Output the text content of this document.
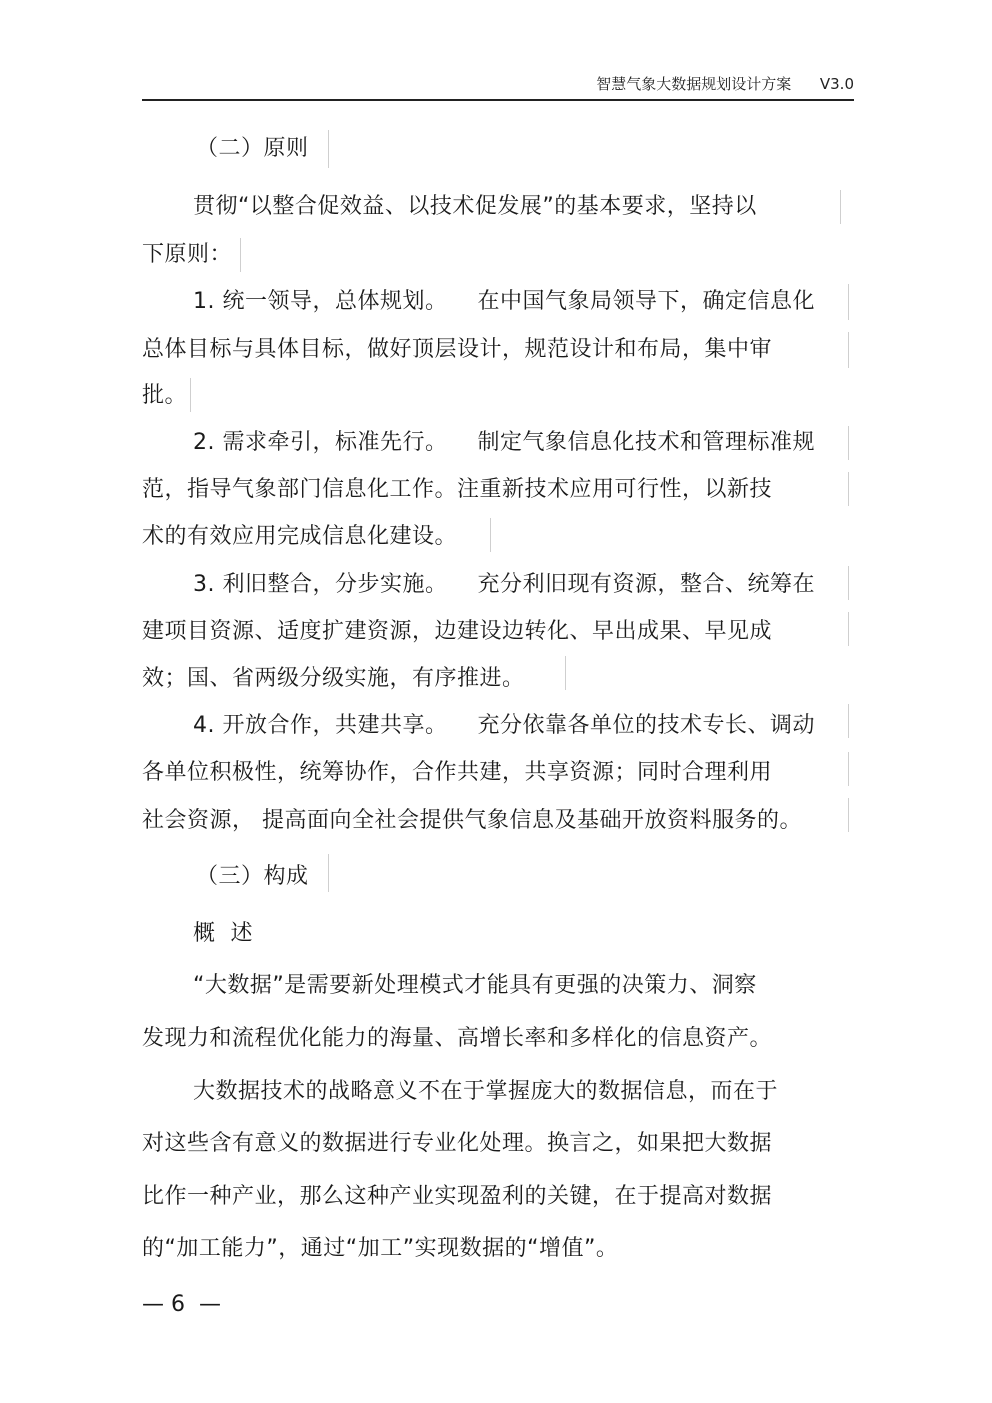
智慧气象大数据规划设计方案      V3.0
（二）原则
贯彻“以整合促效益、以技术促发展”的基本要求，坚持以
下原则：
1. 统一领导，总体规划。    在中国气象局领导下，确定信息化
总体目标与具体目标，做好顶层设计，规范设计和布局，集中审
批。
2. 需求牵引，标准先行。    制定气象信息化技术和管理标准规
范，指导气象部门信息化工作。注重新技术应用可行性，以新技
术的有效应用完成信息化建设。
3. 利旧整合，分步实施。    充分利旧现有资源，整合、统筹在
建项目资源、适度扩建资源，边建设边转化、早出成果、早见成
效；国、省两级分级实施，有序推进。
4. 开放合作，共建共享。    充分依靠各单位的技术专长、调动
各单位积极性，统筹协作，合作共建，共享资源；同时合理利用
社会资源， 提高面向全社会提供气象信息及基础开放资料服务的。
（三）构成
概  述
“大数据”是需要新处理模式才能具有更强的决策力、洞察
发现力和流程优化能力的海量、高增长率和多样化的信息资产。
大数据技术的战略意义不在于掌握庞大的数据信息，而在于
对这些含有意义的数据进行专业化处理。换言之，如果把大数据
比作一种产业，那么这种产业实现盈利的关键，在于提高对数据
的“加工能力”，通过“加工”实现数据的“增值”。
— 6  —
